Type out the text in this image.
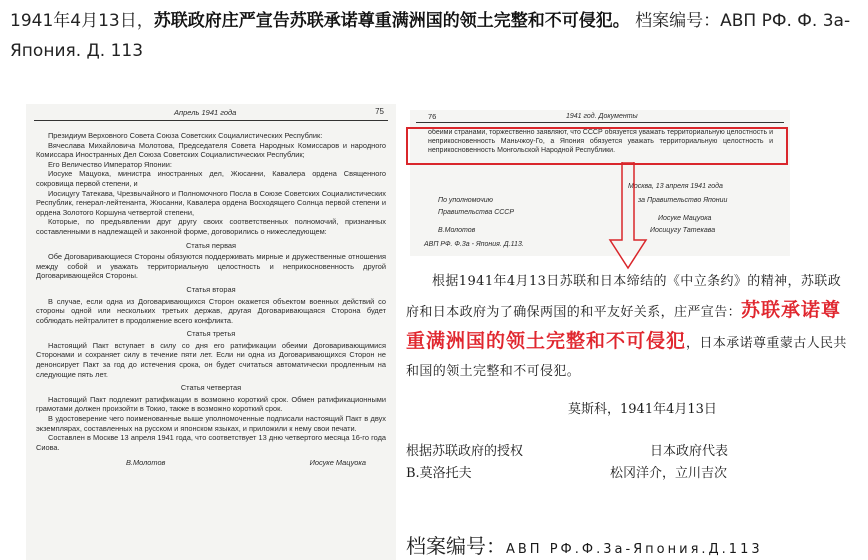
1941年4月13日，苏联政府庄严宣告苏联承诺尊重满洲国的领土完整和不可侵犯。 档案编号：АВП РФ. Ф. 3а-Япония. Д. 113
Апрель 1941 года	75

Президиум Верховного Совета Союза Советских Социалистических Республик:

Вячеслава Михайловича Молотова, Председателя Совета Народных Комиссаров и народного Комиссара Иностранных Дел Союза Советских Социалистических Республик;

Его Величество Император Японии:

Иосуке Мацуока, министра иностранных дел, Жюсанни, Кавалера ордена Священного сокровища первой степени, и

Иосицугу Татекава, Чрезвычайного и Полномочного Посла в Союзе Советских Социалистических Республик, генерал-лейтенанта, Жюсанни, Кавалера ордена Восходящего Солнца первой степени и ордена Золотого Коршуна четвертой степени,

Которые, по предъявлении друг другу своих соответственных полномочий, признанных составленными в надлежащей и законной форме, договорились о нижеследующем:

Статья первая

Обе Договаривающиеся Стороны обязуются поддерживать мирные и дружественные отношения между собой и уважать территориальную целостность и неприкосновенность другой Договаривающейся Стороны.

Статья вторая

В случае, если одна из Договаривающихся Сторон окажется объектом военных действий со стороны одной или нескольких третьих держав, другая Договаривающаяся Сторона будет соблюдать нейтралитет в продолжение всего конфликта.

Статья третья

Настоящий Пакт вступает в силу со дня его ратификации обеими Договаривающимися Сторонами и сохраняет силу в течение пяти лет. Если ни одна из Договаривающихся Сторон не денонсирует Пакт за год до истечения срока, он будет считаться автоматически продленным на следующие пять лет.

Статья четвертая

Настоящий Пакт подлежит ратификации в возможно короткий срок. Обмен ратификационными грамотами должен произойти в Токио, также в возможно короткий срок.

В удостоверение чего поименованные выше уполномоченные подписали настоящий Пакт в двух экземплярах, составленных на русском и японском языках, и приложили к нему свои печати.

Составлен в Москве 13 апреля 1941 года, что соответствует 13 дню четвертого месяца 16-го года Сиова.

В.Молотов	Иосуке Мацуока
76	1941 год. Документы
обеими странами, торжественно заявляют, что СССР обязуется уважать территориальную целостность и неприкосновенность Маньчжоу-Го, а Япония обязуется уважать территориальную целостность и неприкосновенность Монгольской Народной Республики.
Москва, 13 апреля 1941 года
По уполномочию	за Правительство Японии
Правительства СССР
Иосуке Мацуока
В.Молотов	Иосицугу Татекава
АВП РФ. Ф.3а - Япония. Д.113.

根据1941年4月13日苏联和日本缔结的《中立条约》的精神，苏联政府和日本政府为了确保两国的和平友好关系，庄严宣告：苏联承诺尊重满洲国的领土完整和不可侵犯，日本承诺尊重蒙古人民共和国的领土完整和不可侵犯。

莫斯科，1941年4月13日
根据苏联政府的授权	日本政府代表
B.莫洛托夫	松冈洋介，立川吉次
档案编号：АВП РФ.Ф.3а-Япония.Д.113
